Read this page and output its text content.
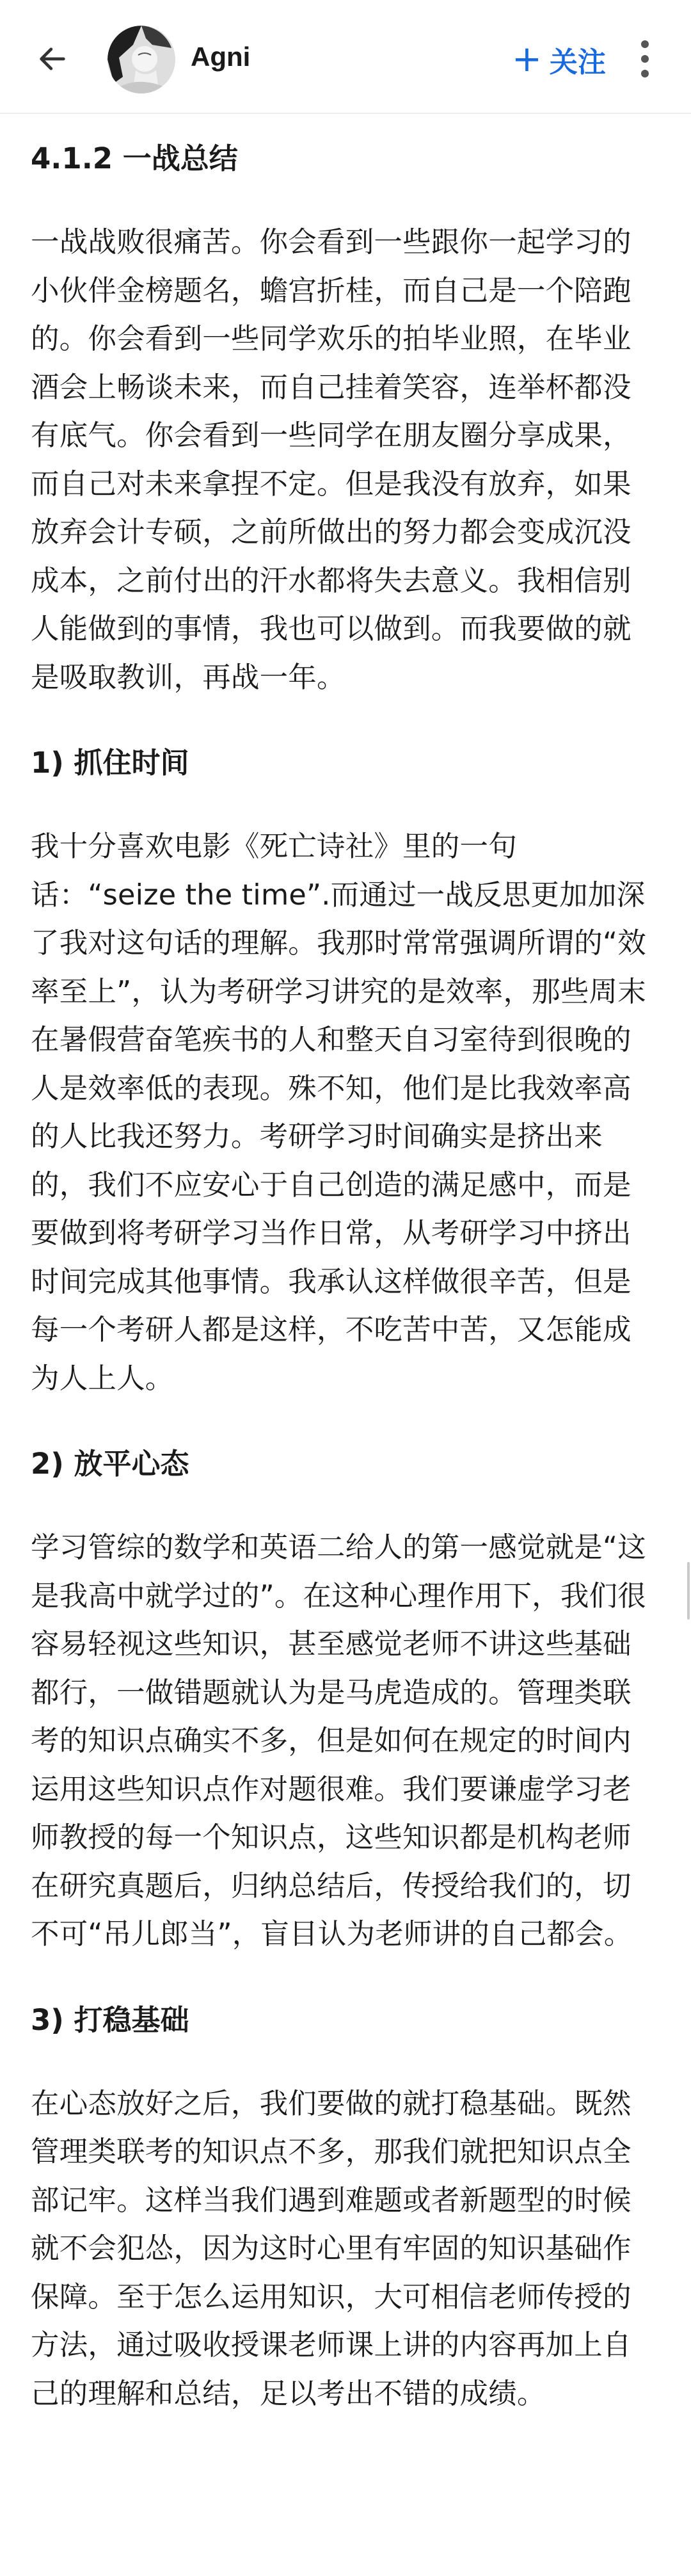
Agni	+ 关注
4.1.2 一战总结
一战战败很痛苦。你会看到一些跟你一起学习的小伙伴金榜题名，蟾宫折桂，而自己是一个陪跑的。你会看到一些同学欢乐的拍毕业照，在毕业酒会上畅谈未来，而自己挂着笑容，连举杯都没有底气。你会看到一些同学在朋友圈分享成果，而自己对未来拿捏不定。但是我没有放弃，如果放弃会计专硕，之前所做出的努力都会变成沉没成本，之前付出的汗水都将失去意义。我相信别人能做到的事情，我也可以做到。而我要做的就是吸取教训，再战一年。
1) 抓住时间
我十分喜欢电影《死亡诗社》里的一句话：“seize the time”.而通过一战反思更加加深了我对这句话的理解。我那时常常强调所谓的“效率至上”，认为考研学习讲究的是效率，那些周末在暑假营奋笔疾书的人和整天自习室待到很晚的人是效率低的表现。殊不知，他们是比我效率高的人比我还努力。考研学习时间确实是挤出来的，我们不应安心于自己创造的满足感中，而是要做到将考研学习当作日常，从考研学习中挤出时间完成其他事情。我承认这样做很辛苦，但是每一个考研人都是这样，不吃苦中苦，又怎能成为人上人。
2) 放平心态
学习管综的数学和英语二给人的第一感觉就是“这是我高中就学过的”。在这种心理作用下，我们很容易轻视这些知识，甚至感觉老师不讲这些基础都行，一做错题就认为是马虎造成的。管理类联考的知识点确实不多，但是如何在规定的时间内运用这些知识点作对题很难。我们要谦虚学习老师教授的每一个知识点，这些知识都是机构老师在研究真题后，归纳总结后，传授给我们的，切不可“吊儿郎当”，盲目认为老师讲的自己都会。
3) 打稳基础
在心态放好之后，我们要做的就打稳基础。既然管理类联考的知识点不多，那我们就把知识点全部记牢。这样当我们遇到难题或者新题型的时候就不会犯怂，因为这时心里有牢固的知识基础作保障。至于怎么运用知识，大可相信老师传授的方法，通过吸收授课老师课上讲的内容再加上自己的理解和总结，足以考出不错的成绩。
